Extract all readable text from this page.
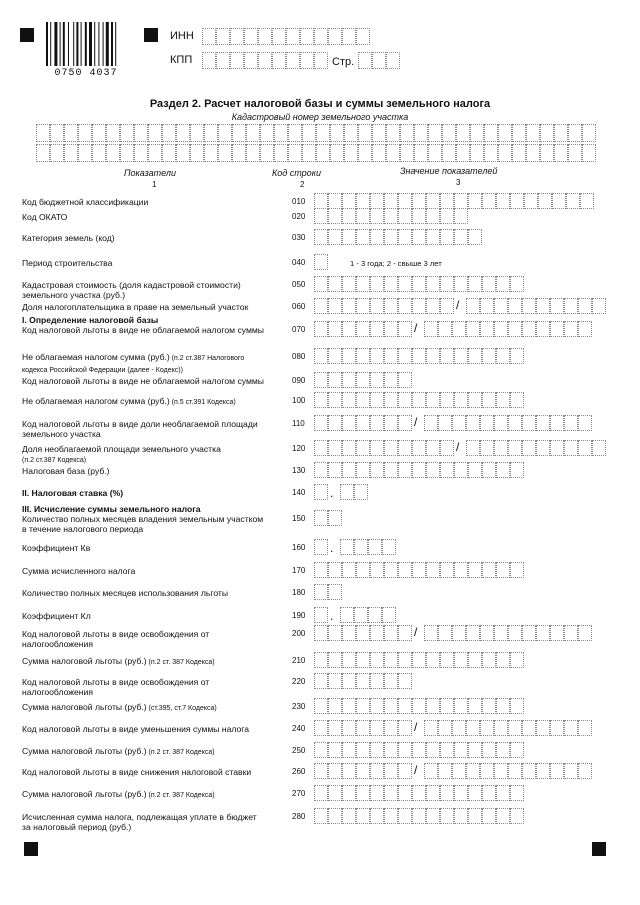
0750 4037
ИНН
КПП	Стр.
Раздел 2. Расчет налоговой базы и суммы земельного налога
Кадастровый номер земельного участка
Показатели	Код строки	Значение показателей
1	2	3
Код бюджетной классификации	010
Код ОКАТО	020
Категория земель (код)	030
Период строительства	040	1 - 3 года; 2 - свыше 3 лет
Кадастровая стоимость (доля кадастровой стоимости)
земельного участка (руб.)
050
Доля налогоплательщика в праве на земельный участок	060	/
I. Определение налоговой базы
Код налоговой льготы в виде не облагаемой налогом суммы	070	/
Не облагаемая налогом сумма (руб.) (п.2 ст.387 Налогового
кодекса Российской Федерации (далее - Кодекс))
080
Код налоговой льготы в виде не облагаемой налогом суммы	090
Не облагаемая налогом сумма (руб.) (п.5 ст.391 Кодекса)	100
Код налоговой льготы в виде доли необлагаемой площади
земельного участка
110	/
Доля необлагаемой площади земельного участка
(п.2 ст.387 Кодекса)
120	/
Налоговая база (руб.)	130
II. Налоговая ставка (%)	140 .
III. Исчисление суммы земельного налога
Количество полных месяцев владения земельным участком
в течение налогового периода
150
Коэффициент Кв	160 .
Сумма исчисленного налога	170
Количество полных месяцев использования льготы	180
Коэффициент Кл	190 .
Код налоговой льготы в виде освобождения от
налогообложения
200	/
Сумма налоговой льготы (руб.) (п.2 ст. 387 Кодекса)	210
Код налоговой льготы в виде освобождения от
налогообложения
220
Сумма налоговой льготы (руб.) (ст.395, ст.7 Кодекса)	230
Код налоговой льготы в виде уменьшения суммы налога	240	/
Сумма налоговой льготы (руб.) (п.2 ст. 387 Кодекса)	250
Код налоговой льготы в виде снижения налоговой ставки	260	/
Сумма налоговой льготы (руб.) (п.2 ст. 387 Кодекса)	270
Исчисленная сумма налога, подлежащая уплате в бюджет
за налоговый период (руб.)
280
